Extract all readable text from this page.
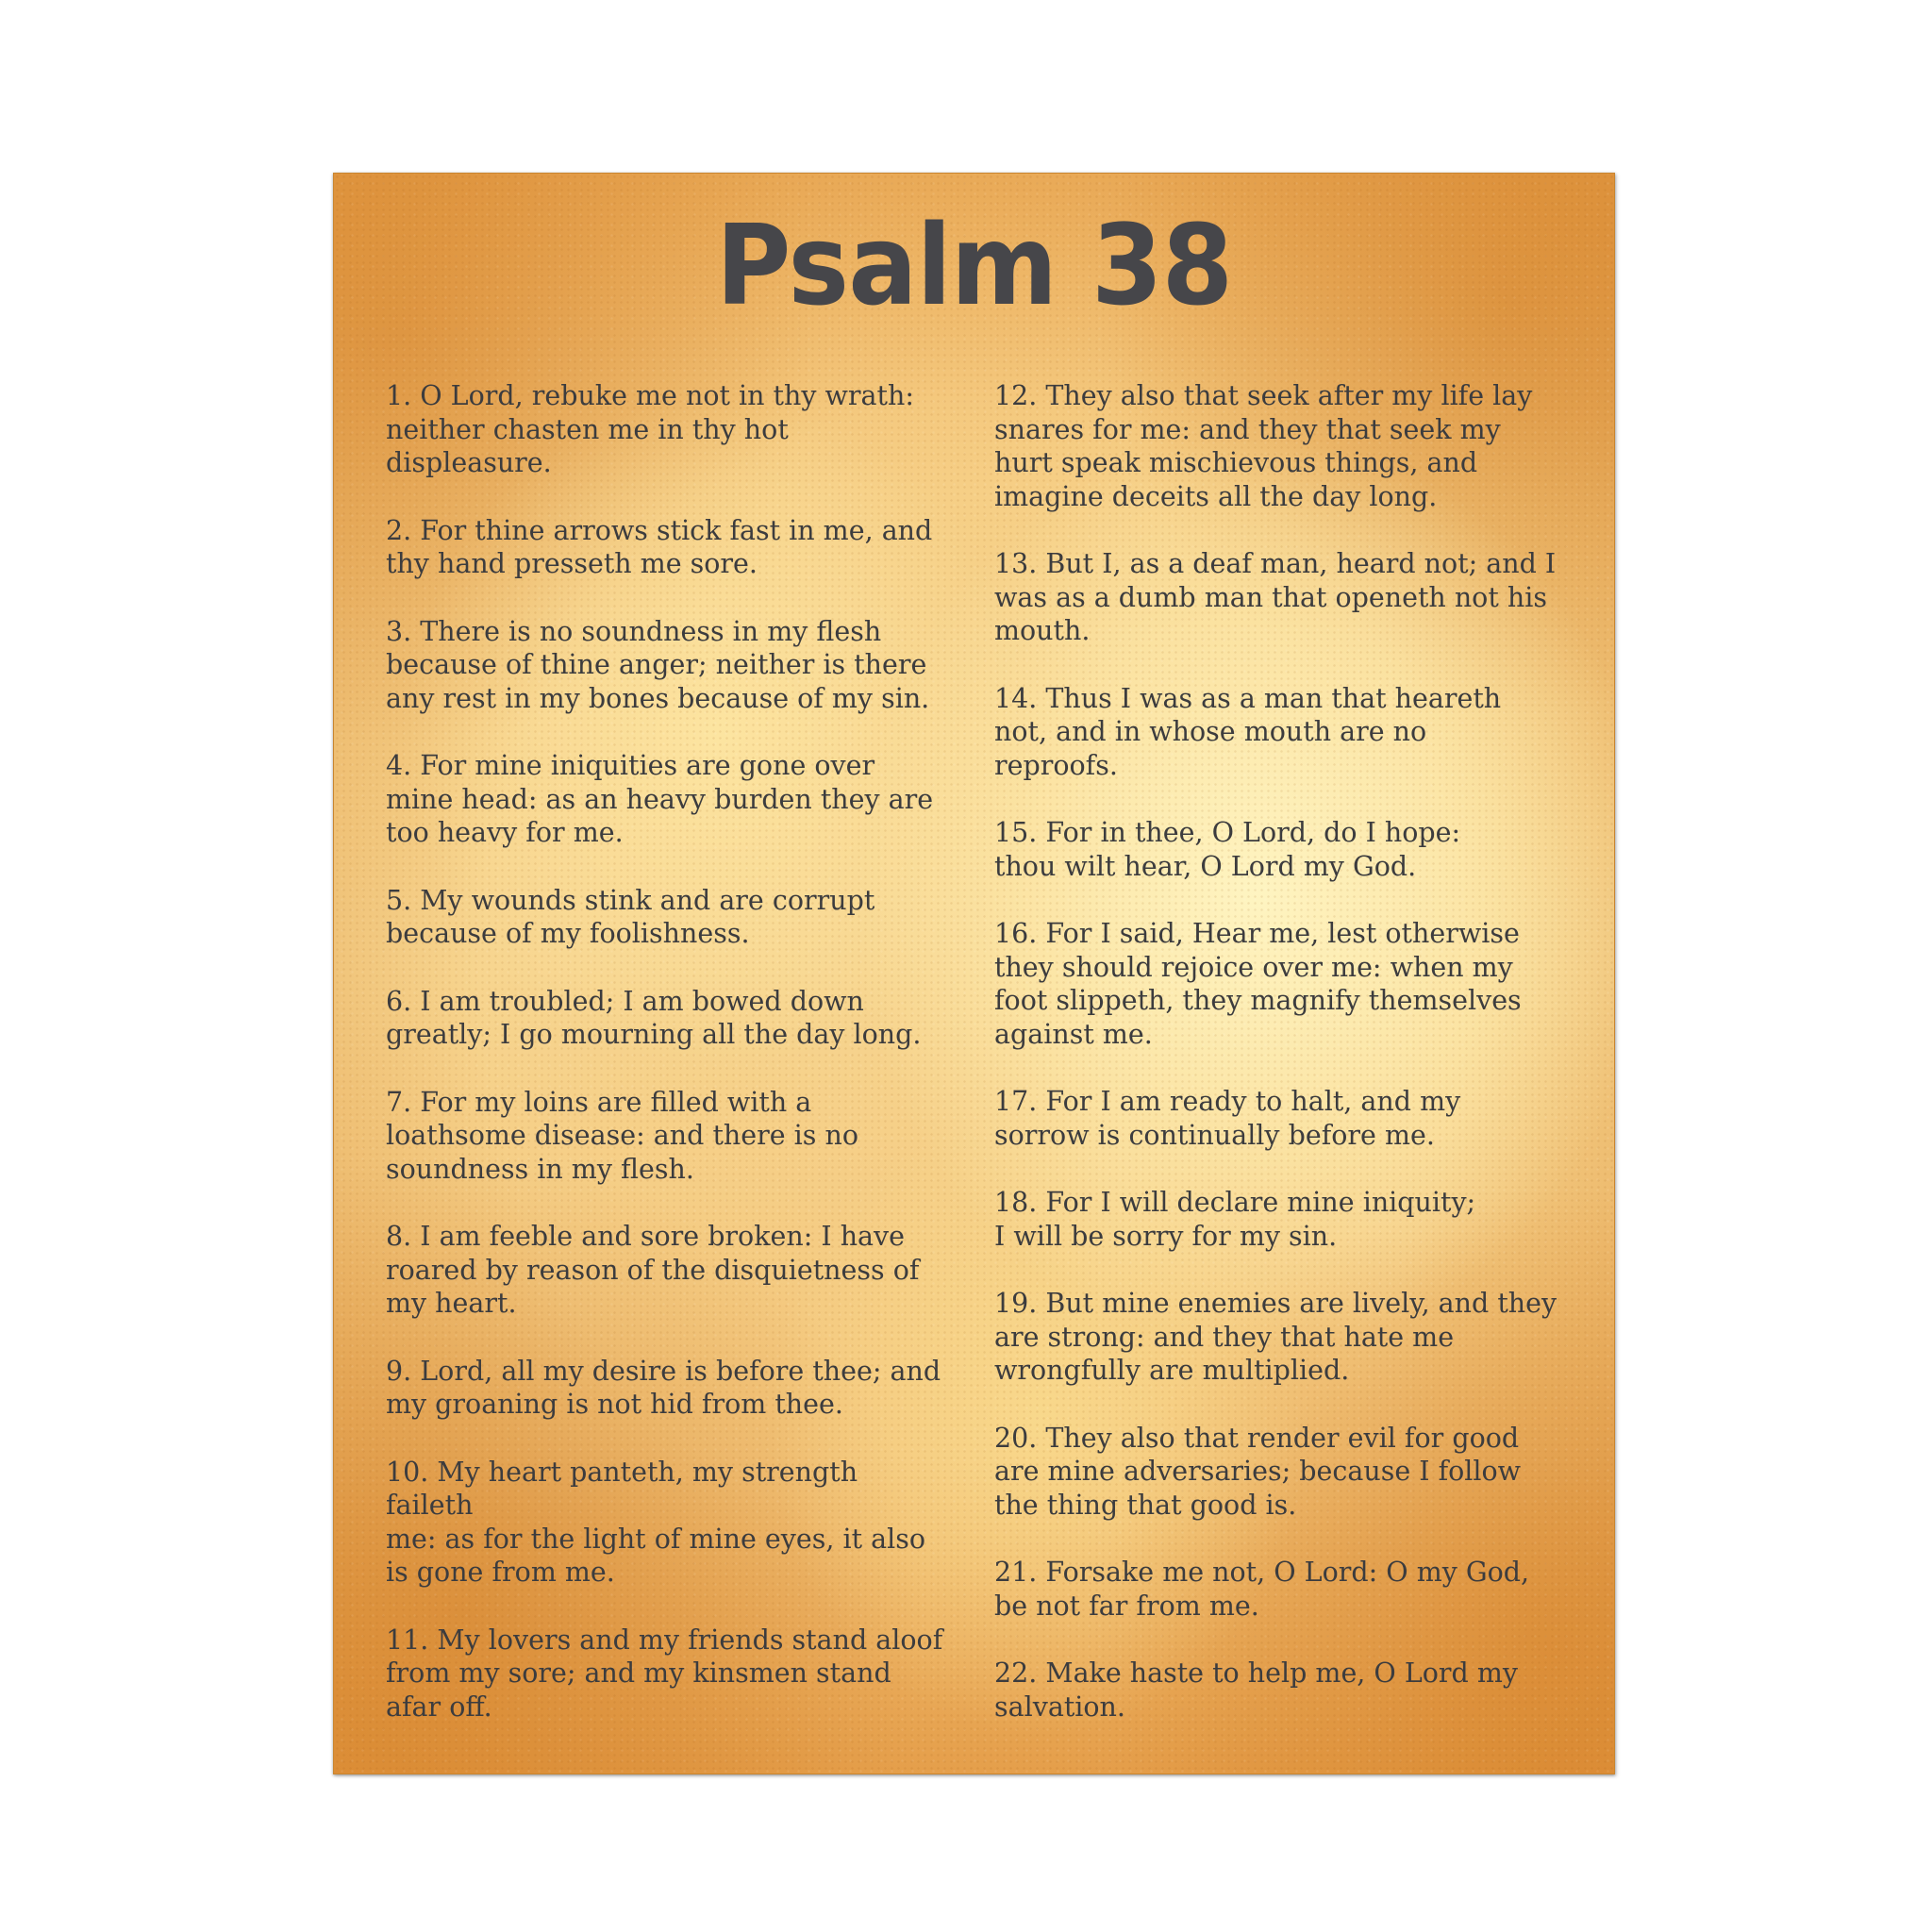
Psalm 38

1. O Lord, rebuke me not in thy wrath:
neither chasten me in thy hot
displeasure.

2. For thine arrows stick fast in me, and
thy hand presseth me sore.

3. There is no soundness in my flesh
because of thine anger; neither is there
any rest in my bones because of my sin.

4. For mine iniquities are gone over
mine head: as an heavy burden they are
too heavy for me.

5. My wounds stink and are corrupt
because of my foolishness.

6. I am troubled; I am bowed down
greatly; I go mourning all the day long.

7. For my loins are filled with a
loathsome disease: and there is no
soundness in my flesh.

8. I am feeble and sore broken: I have
roared by reason of the disquietness of
my heart.

9. Lord, all my desire is before thee; and
my groaning is not hid from thee.

10. My heart panteth, my strength faileth
me: as for the light of mine eyes, it also
is gone from me.

11. My lovers and my friends stand aloof
from my sore; and my kinsmen stand
afar off.

12. They also that seek after my life lay
snares for me: and they that seek my
hurt speak mischievous things, and
imagine deceits all the day long.

13. But I, as a deaf man, heard not; and I
was as a dumb man that openeth not his
mouth.

14. Thus I was as a man that heareth
not, and in whose mouth are no
reproofs.

15. For in thee, O Lord, do I hope:
thou wilt hear, O Lord my God.

16. For I said, Hear me, lest otherwise
they should rejoice over me: when my
foot slippeth, they magnify themselves
against me.

17. For I am ready to halt, and my
sorrow is continually before me.

18. For I will declare mine iniquity;
I will be sorry for my sin.

19. But mine enemies are lively, and they
are strong: and they that hate me
wrongfully are multiplied.

20. They also that render evil for good
are mine adversaries; because I follow
the thing that good is.

21. Forsake me not, O Lord: O my God,
be not far from me.

22. Make haste to help me, O Lord my
salvation.
